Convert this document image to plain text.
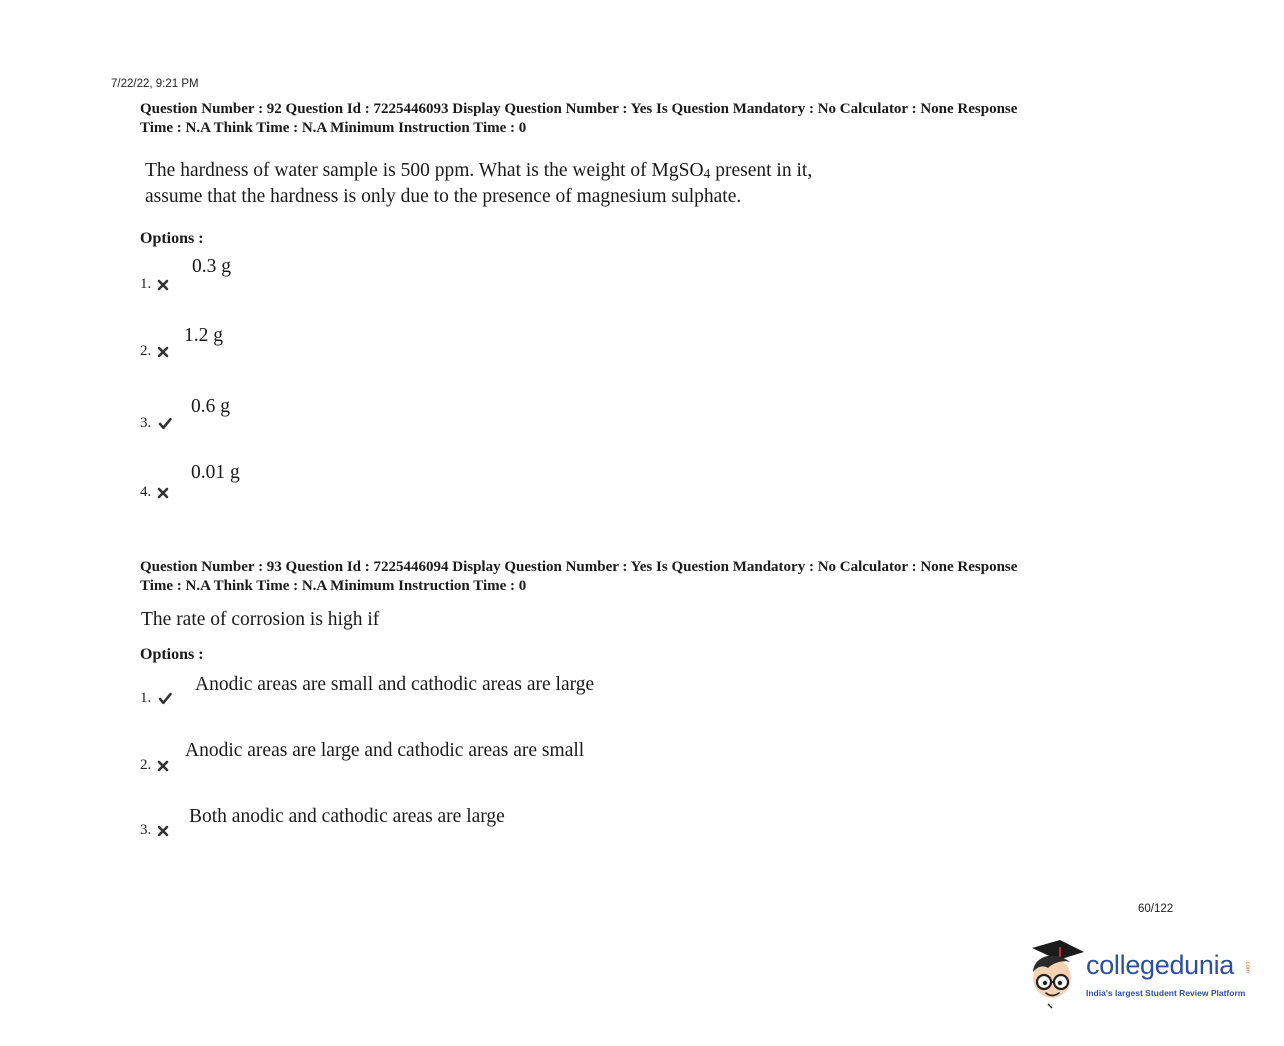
7/22/22, 9:21 PM
Question Number : 92 Question Id : 7225446093 Display Question Number : Yes Is Question Mandatory : No Calculator : None Response
Time : N.A Think Time : N.A Minimum Instruction Time : 0
The hardness of water sample is 500 ppm. What is the weight of MgSO$_4$ present in it,
assume that the hardness is only due to the presence of magnesium sulphate.
Options :
1.
0.3 g
2.
1.2 g
3.
0.6 g
4.
0.01 g
Question Number : 93 Question Id : 7225446094 Display Question Number : Yes Is Question Mandatory : No Calculator : None Response
Time : N.A Think Time : N.A Minimum Instruction Time : 0
The rate of corrosion is high if
Options :
1.
Anodic areas are small and cathodic areas are large
2.
Anodic areas are large and cathodic areas are small
3.
Both anodic and cathodic areas are large
60/122
collegedunia .com
India's largest Student Review Platform
